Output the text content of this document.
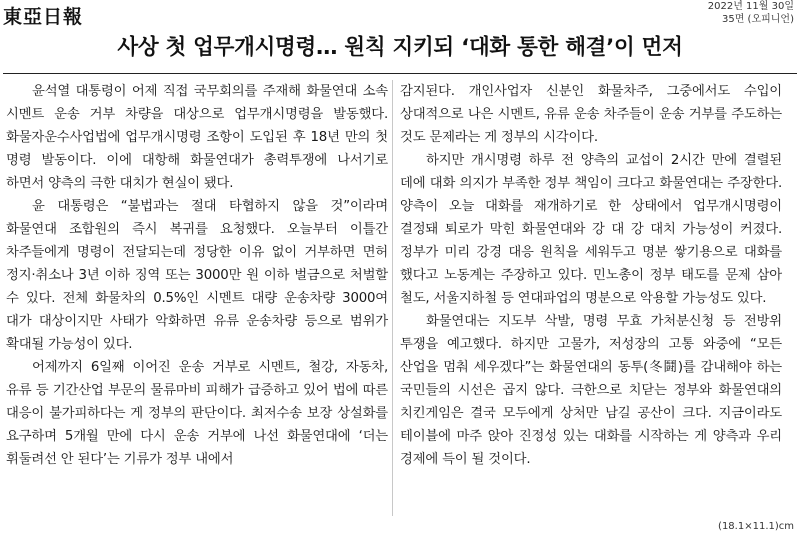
東亞日報	2022년 11월 30일
35면 (오피니언)
사상 첫 업무개시명령… 원칙 지키되 ‘대화 통한 해결’이 먼저

윤석열 대통령이 어제 직접 국무회의를 주재해 화물연대 소속 시멘트 운송 거부 차량을 대상으로 업무개시명령을 발동했다. 화물자운수사업법에 업무개시명령 조항이 도입된 후 18년 만의 첫 명령 발동이다. 이에 대항해 화물연대가 총력투쟁에 나서기로 하면서 양측의 극한 대치가 현실이 됐다.

윤 대통령은 “불법과는 절대 타협하지 않을 것”이라며 화물연대 조합원의 즉시 복귀를 요청했다. 오늘부터 이틀간 차주들에게 명령이 전달되는데 정당한 이유 없이 거부하면 면허 정지·취소나 3년 이하 징역 또는 3000만 원 이하 벌금으로 처벌할 수 있다. 전체 화물차의 0.5%인 시멘트 대량 운송차량 3000여 대가 대상이지만 사태가 악화하면 유류 운송차량 등으로 범위가 확대될 가능성이 있다.

어제까지 6일째 이어진 운송 거부로 시멘트, 철강, 자동차, 유류 등 기간산업 부문의 물류마비 피해가 급증하고 있어 법에 따른 대응이 불가피하다는 게 정부의 판단이다. 최저수송 보장 상설화를 요구하며 5개월 만에 다시 운송 거부에 나선 화물연대에 ‘더는 휘둘려선 안 된다’는 기류가 정부 내에서

감지된다. 개인사업자 신분인 화물차주, 그중에서도 수입이 상대적으로 나은 시멘트, 유류 운송 차주들이 운송 거부를 주도하는 것도 문제라는 게 정부의 시각이다.

하지만 개시명령 하루 전 양측의 교섭이 2시간 만에 결렬된 데에 대화 의지가 부족한 정부 책임이 크다고 화물연대는 주장한다. 양측이 오늘 대화를 재개하기로 한 상태에서 업무개시명령이 결정돼 퇴로가 막힌 화물연대와 강 대 강 대치 가능성이 커졌다. 정부가 미리 강경 대응 원칙을 세워두고 명분 쌓기용으로 대화를 했다고 노동계는 주장하고 있다. 민노총이 정부 태도를 문제 삼아 철도, 서울지하철 등 연대파업의 명분으로 악용할 가능성도 있다.

화물연대는 지도부 삭발, 명령 무효 가처분신청 등 전방위 투쟁을 예고했다. 하지만 고물가, 저성장의 고통 와중에 “모든 산업을 멈춰 세우겠다”는 화물연대의 동투(冬鬪)를 감내해야 하는 국민들의 시선은 곱지 않다. 극한으로 치닫는 정부와 화물연대의 치킨게임은 결국 모두에게 상처만 남길 공산이 크다. 지금이라도 테이블에 마주 앉아 진정성 있는 대화를 시작하는 게 양측과 우리 경제에 득이 될 것이다.

(18.1×11.1)cm
